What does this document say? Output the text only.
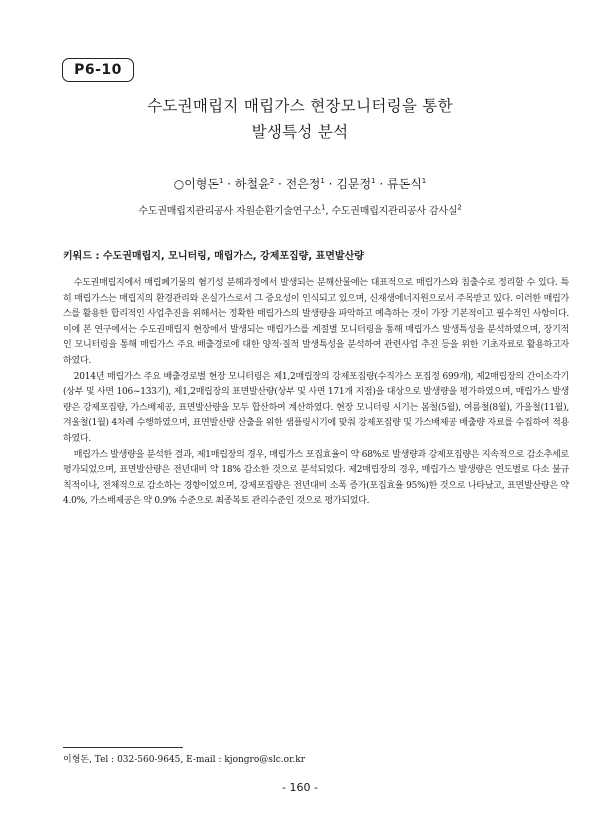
P6-10
수도권매립지 매립가스 현장모니터링을 통한
발생특성 분석
○이형돈$^1$ · 하철윤$^2$ · 전은정$^1$ · 김문정$^1$ · 류돈식$^1$
수도권매립지관리공사 자원순환기술연구소$^1$, 수도권매립지관리공사 감사실$^2$
키워드 : 수도권매립지, 모니터링, 매립가스, 강제포집량, 표면발산량

수도권매립지에서 매립폐기물의 혐기성 분해과정에서 발생되는 분해산물에는 대표적으로 매립가스와 침출수로 정리할 수 있다. 특히 매립가스는 매립지의 환경관리와 온실가스로서 그 중요성이 인식되고 있으며, 신재생에너지원으로서 주목받고 있다. 이러한 매립가스를 활용한 합리적인 사업추진을 위해서는 정확한 매립가스의 발생량을 파악하고 예측하는 것이 가장 기본적이고 필수적인 사항이다. 이에 본 연구에서는 수도권매립지 현장에서 발생되는 매립가스를 계절별 모니터링을 통해 매립가스 발생특성을 분석하였으며, 장기적인 모니터링을 통해 매립가스 주요 배출경로에 대한 양적·질적 발생특성을 분석하여 관련사업 추진 등을 위한 기초자료로 활용하고자 하였다.

2014년 매립가스 주요 배출경로별 현장 모니터링은 제1,2매립장의 강제포집량(수직가스 포집정 699개), 제2매립장의 간이소각기(상부 및 사면 106~133기), 제1,2매립장의 표면발산량(상부 및 사면 171개 지점)을 대상으로 발생량을 평가하였으며, 매립가스 발생량은 강제포집량, 가스배제공, 표면발산량을 모두 합산하여 계산하였다. 현장 모니터링 시기는 봄철(5월), 여름철(8월), 가을철(11월), 겨울철(1월) 4차례 수행하였으며, 표면발산량 산출을 위한 샘플링시기에 맞춰 강제포집량 및 가스배제공 배출량 자료를 수집하여 적용하였다.

매립가스 발생량을 분석한 결과, 제1매립장의 경우, 매립가스 포집효율이 약 68%로 발생량과 강제포집량은 지속적으로 감소추세로 평가되었으며, 표면발산량은 전년대비 약 18% 감소한 것으로 분석되었다. 제2매립장의 경우, 매립가스 발생량은 연도별로 다소 불규칙적이나, 전체적으로 감소하는 경향이었으며, 강제포집량은 전년대비 소폭 증가(포집효율 95%)한 것으로 나타났고, 표면발산량은 약 4.0%, 가스배제공은 약 0.9% 수준으로 최종복토 관리수준인 것으로 평가되었다.

이형돈, Tel : 032-560-9645, E-mail : kjongro@slc.or.kr
- 160 -
